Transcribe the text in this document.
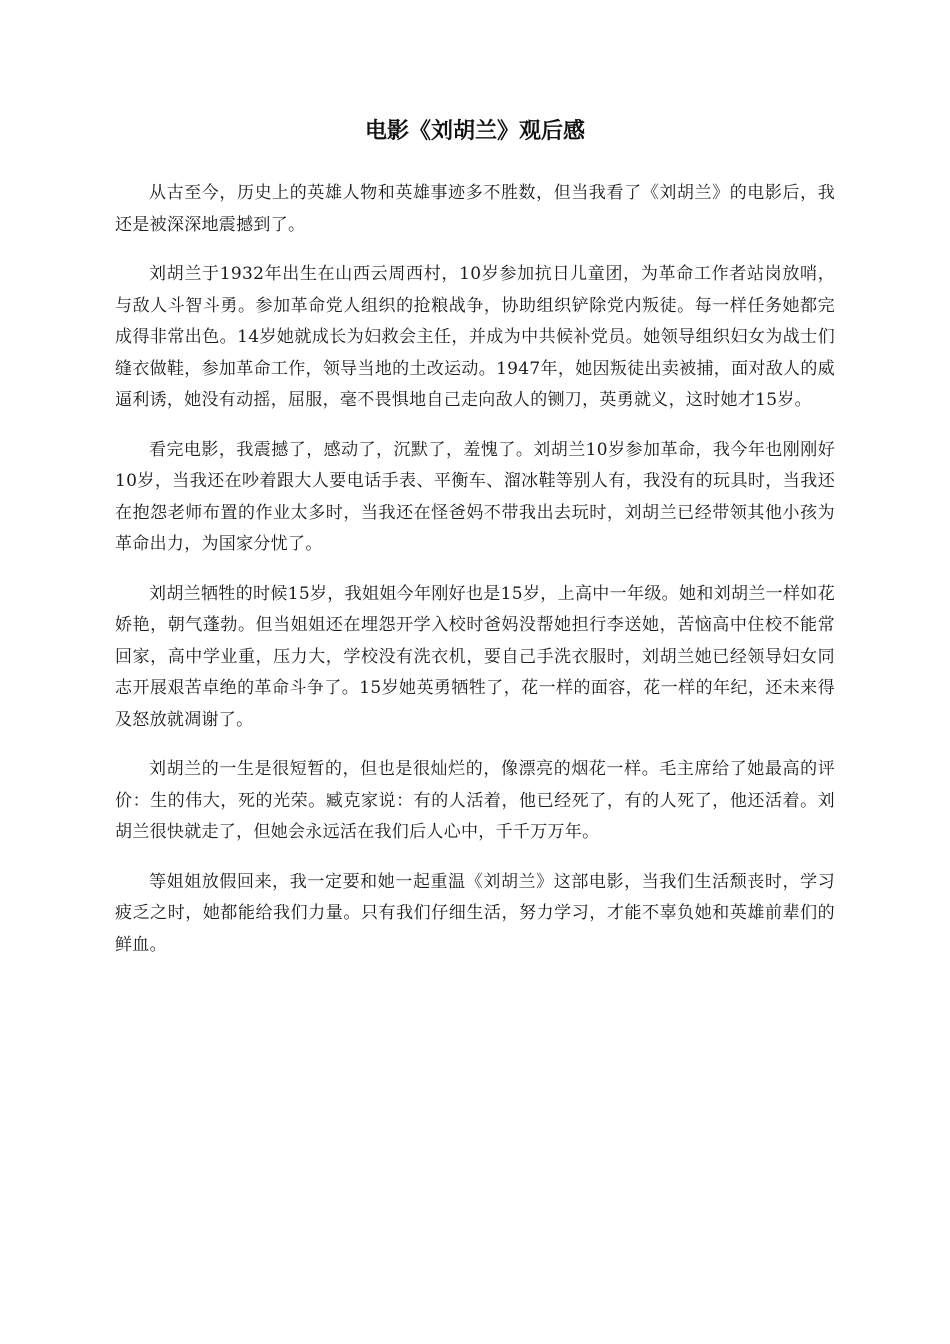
电影《刘胡兰》观后感

从古至今，历史上的英雄人物和英雄事迹多不胜数，但当我看了《刘胡兰》的电影后，我还是被深深地震撼到了。

刘胡兰于1932年出生在山西云周西村，10岁参加抗日儿童团，为革命工作者站岗放哨，与敌人斗智斗勇。参加革命党人组织的抢粮战争，协助组织铲除党内叛徒。每一样任务她都完成得非常出色。14岁她就成长为妇救会主任，并成为中共候补党员。她领导组织妇女为战士们缝衣做鞋，参加革命工作，领导当地的土改运动。1947年，她因叛徒出卖被捕，面对敌人的威逼利诱，她没有动摇，屈服，毫不畏惧地自己走向敌人的铡刀，英勇就义，这时她才15岁。

看完电影，我震撼了，感动了，沉默了，羞愧了。刘胡兰10岁参加革命，我今年也刚刚好10岁，当我还在吵着跟大人要电话手表、平衡车、溜冰鞋等别人有，我没有的玩具时，当我还在抱怨老师布置的作业太多时，当我还在怪爸妈不带我出去玩时，刘胡兰已经带领其他小孩为革命出力，为国家分忧了。

刘胡兰牺牲的时候15岁，我姐姐今年刚好也是15岁，上高中一年级。她和刘胡兰一样如花娇艳，朝气蓬勃。但当姐姐还在埋怨开学入校时爸妈没帮她担行李送她，苦恼高中住校不能常回家，高中学业重，压力大，学校没有洗衣机，要自己手洗衣服时，刘胡兰她已经领导妇女同志开展艰苦卓绝的革命斗争了。15岁她英勇牺牲了，花一样的面容，花一样的年纪，还未来得及怒放就凋谢了。

刘胡兰的一生是很短暂的，但也是很灿烂的，像漂亮的烟花一样。毛主席给了她最高的评价：生的伟大，死的光荣。臧克家说：有的人活着，他已经死了，有的人死了，他还活着。刘胡兰很快就走了，但她会永远活在我们后人心中，千千万万年。

等姐姐放假回来，我一定要和她一起重温《刘胡兰》这部电影，当我们生活颓丧时，学习疲乏之时，她都能给我们力量。只有我们仔细生活，努力学习，才能不辜负她和英雄前辈们的鲜血。
